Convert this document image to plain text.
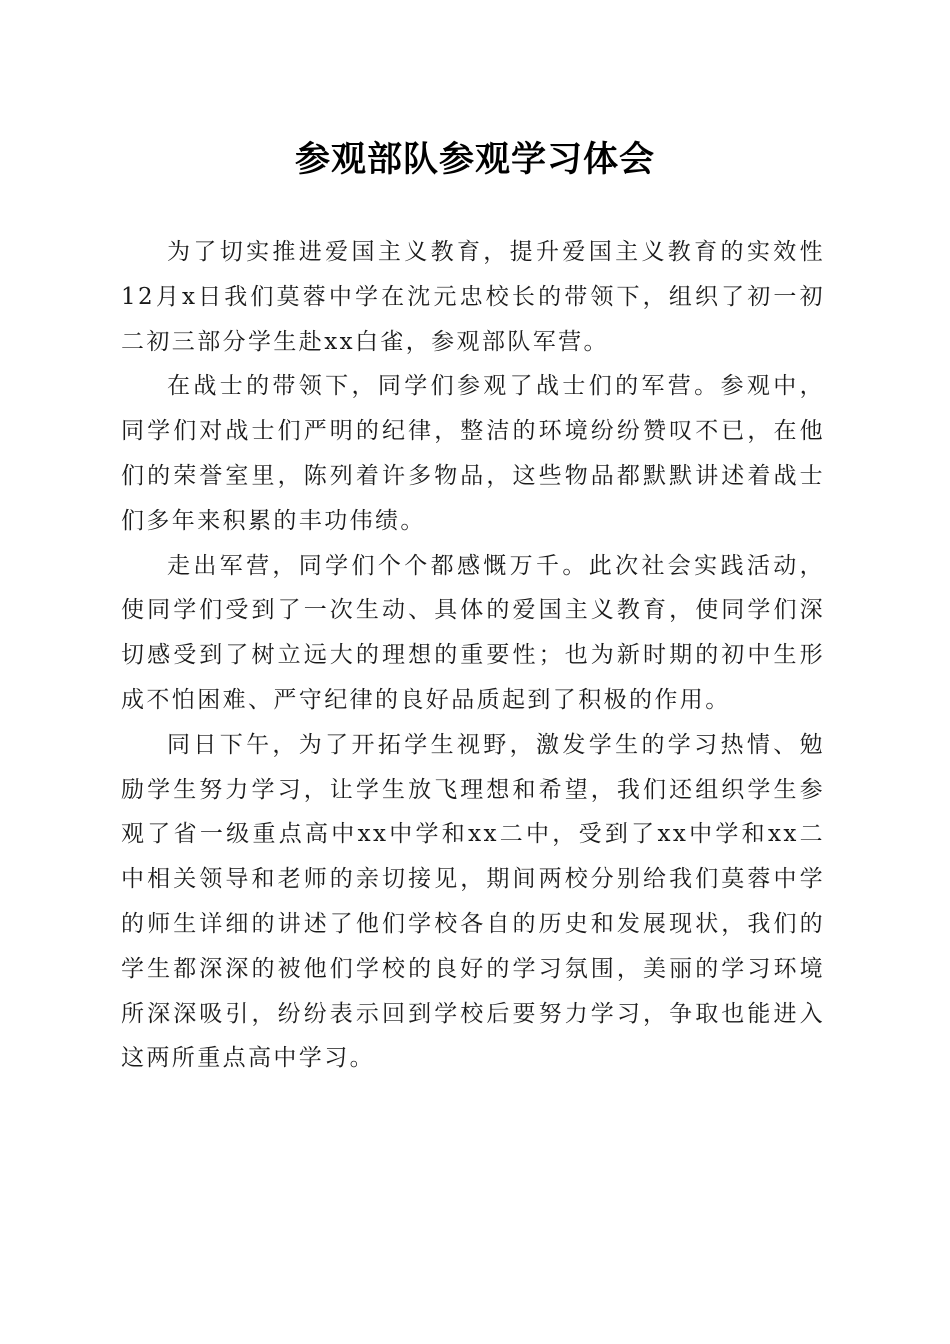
参观部队参观学习体会

为了切实推进爱国主义教育，提升爱国主义教育的实效性12月x日我们莫蓉中学在沈元忠校长的带领下，组织了初一初二初三部分学生赴xx白雀，参观部队军营。

在战士的带领下，同学们参观了战士们的军营。参观中，同学们对战士们严明的纪律，整洁的环境纷纷赞叹不已，在他们的荣誉室里，陈列着许多物品，这些物品都默默讲述着战士们多年来积累的丰功伟绩。

走出军营，同学们个个都感慨万千。此次社会实践活动，使同学们受到了一次生动、具体的爱国主义教育，使同学们深切感受到了树立远大的理想的重要性；也为新时期的初中生形成不怕困难、严守纪律的良好品质起到了积极的作用。

同日下午，为了开拓学生视野，激发学生的学习热情、勉励学生努力学习，让学生放飞理想和希望，我们还组织学生参观了省一级重点高中xx中学和xx二中，受到了xx中学和xx二中相关领导和老师的亲切接见，期间两校分别给我们莫蓉中学的师生详细的讲述了他们学校各自的历史和发展现状，我们的学生都深深的被他们学校的良好的学习氛围，美丽的学习环境所深深吸引，纷纷表示回到学校后要努力学习，争取也能进入这两所重点高中学习。
